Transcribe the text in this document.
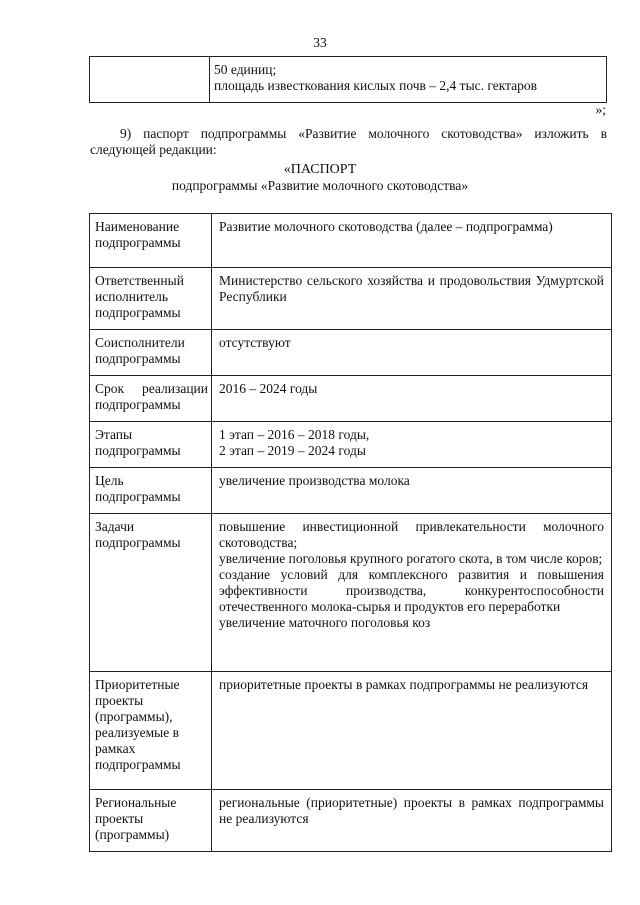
33

50 единиц;
площадь известкования кислых почв – 2,4 тыс. гектаров
»;
9) паспорт подпрограммы «Развитие молочного скотоводства» изложить в следующей редакции:
«ПАСПОРТ
подпрограммы «Развитие молочного скотоводства»
Наименование подпрограммы	Развитие молочного скотоводства (далее – подпрограмма)
Ответственный исполнитель подпрограммы	Министерство сельского хозяйства и продовольствия Удмуртской Республики
Соисполнители подпрограммы	отсутствуют
Срок реализации подпрограммы	2016 – 2024 годы
Этапы подпрограммы	1 этап – 2016 – 2018 годы,
2 этап – 2019 – 2024 годы

Цель подпрограммы	увеличение производства молока
Задачи подпрограммы	повышение инвестиционной привлекательности молочного скотоводства;
увеличение поголовья крупного рогатого скота, в том числе коров;
создание условий для комплексного развития и повышения эффективности производства, конкурентоспособности отечественного молока-сырья и продуктов его переработки
увеличение маточного поголовья коз

Приоритетные проекты (программы), реализуемые в рамках подпрограммы	приоритетные проекты в рамках подпрограммы не реализуются
Региональные проекты (программы)	региональные (приоритетные) проекты в рамках подпрограммы не реализуются
